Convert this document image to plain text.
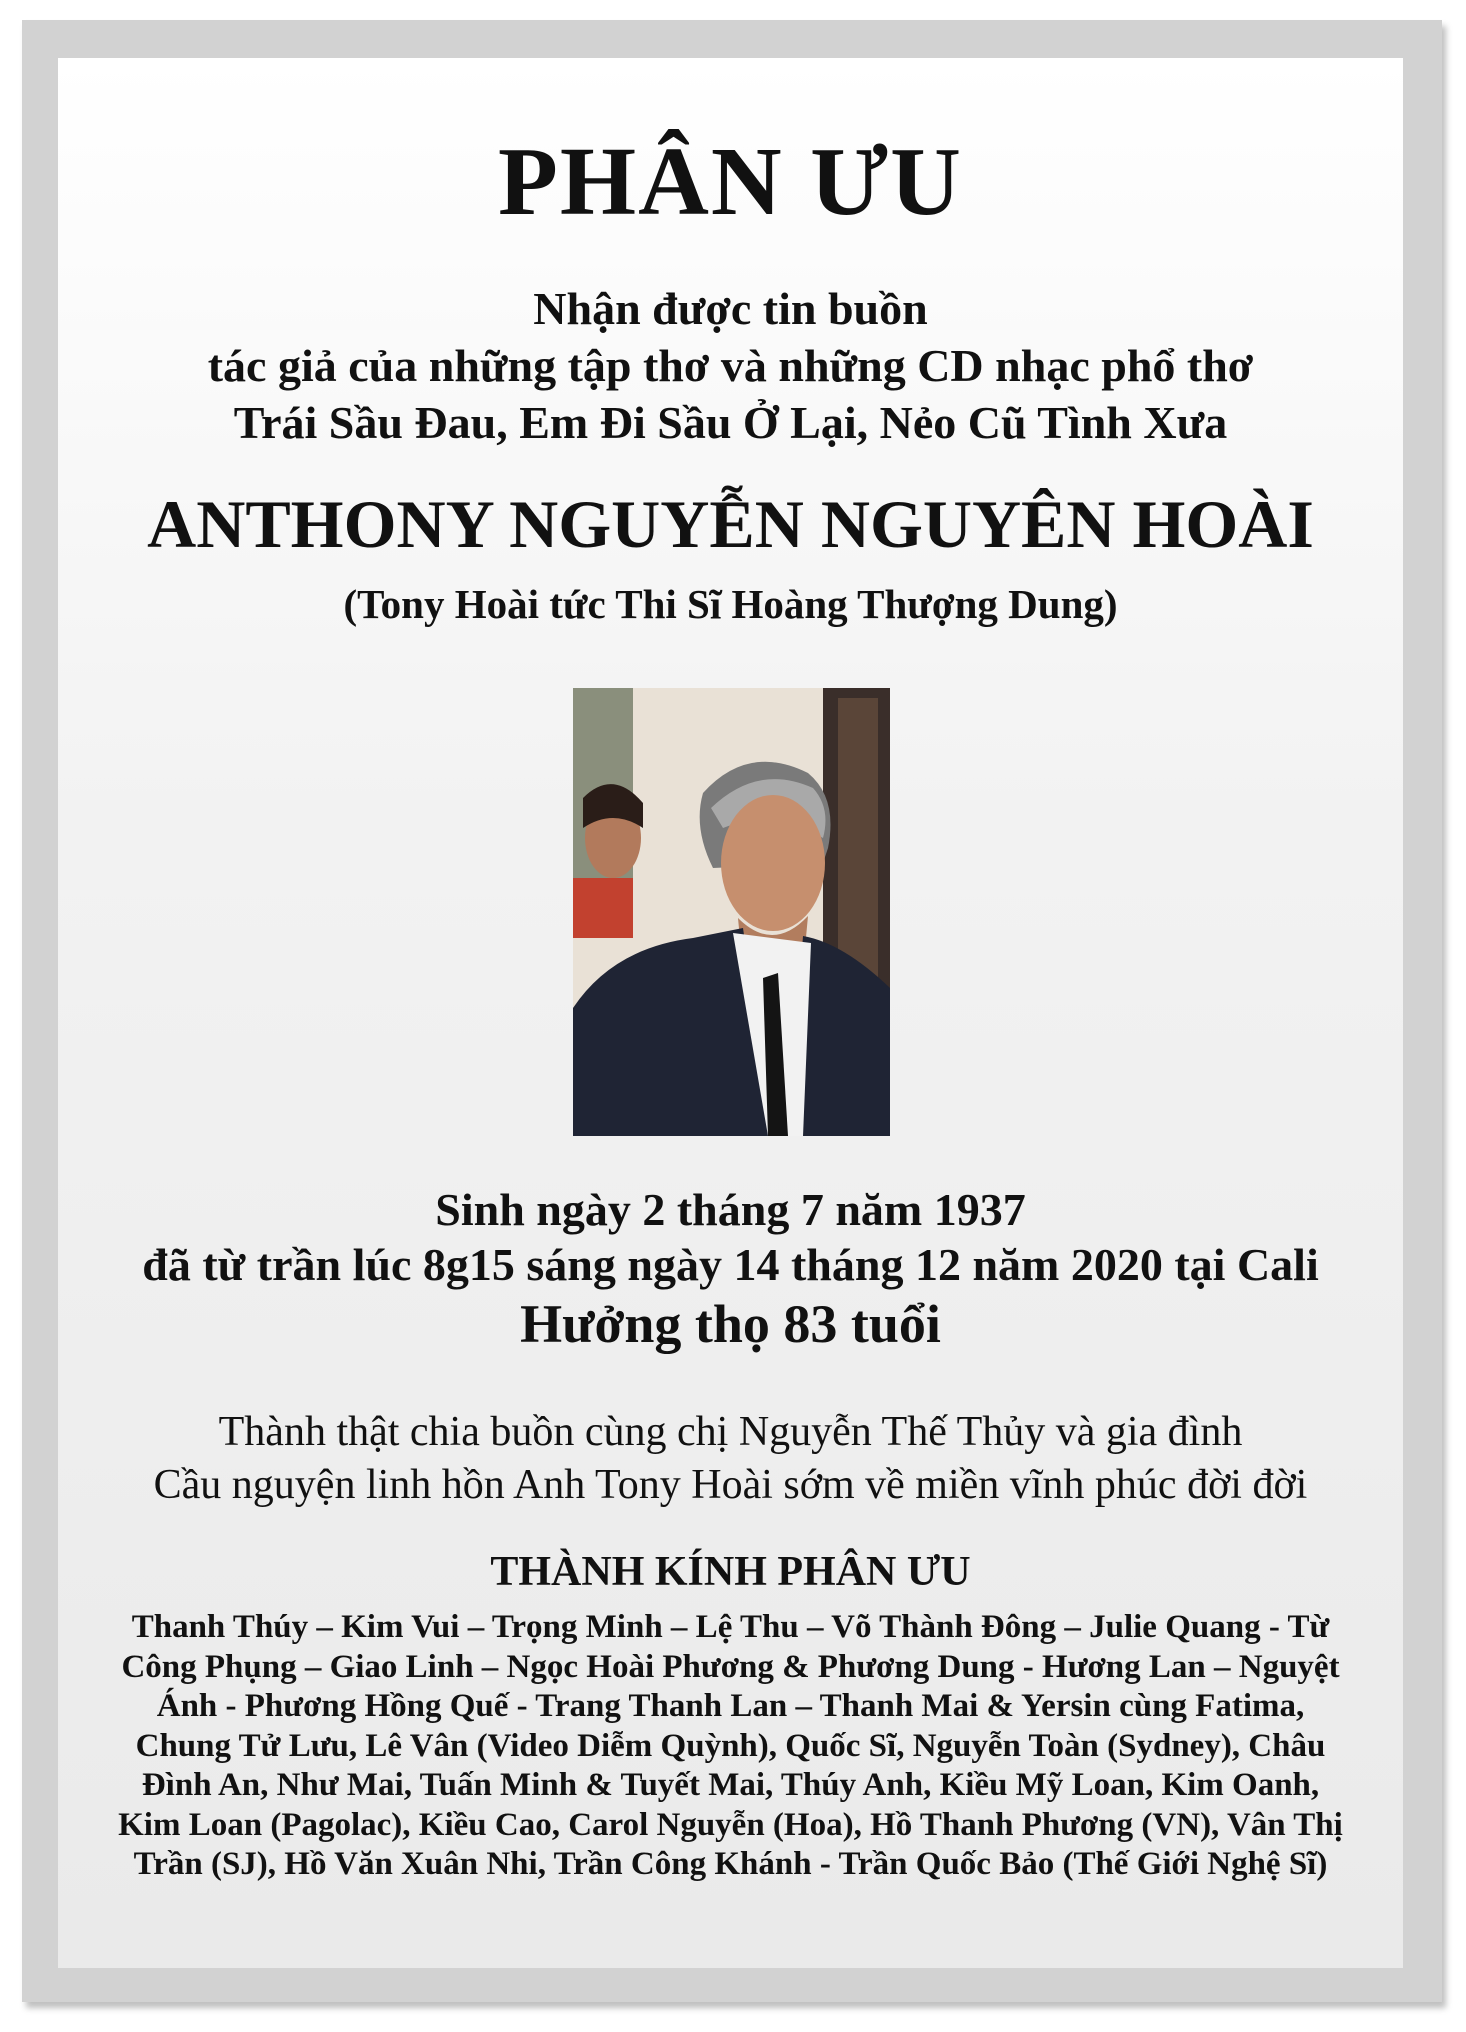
PHÂN ƯU
Nhận được tin buồn
tác giả của những tập thơ và những CD nhạc phổ thơ
Trái Sầu Đau, Em Đi Sầu Ở Lại, Nẻo Cũ Tình Xưa
ANTHONY NGUYỄN NGUYÊN HOÀI
(Tony Hoài tức Thi Sĩ Hoàng Thượng Dung)
Sinh ngày 2 tháng 7 năm 1937
đã từ trần lúc 8g15 sáng ngày 14 tháng 12 năm 2020 tại Cali
Hưởng thọ 83 tuổi
Thành thật chia buồn cùng chị Nguyễn Thế Thủy và gia đình
Cầu nguyện linh hồn Anh Tony Hoài sớm về miền vĩnh phúc đời đời
THÀNH KÍNH PHÂN ƯU
Thanh Thúy – Kim Vui – Trọng Minh – Lệ Thu – Võ Thành Đông – Julie Quang - Từ
Công Phụng – Giao Linh – Ngọc Hoài Phương & Phương Dung - Hương Lan – Nguyệt
Ánh - Phương Hồng Quế - Trang Thanh Lan – Thanh Mai & Yersin cùng Fatima,
Chung Tử Lưu, Lê Vân (Video Diễm Quỳnh), Quốc Sĩ, Nguyễn Toàn (Sydney), Châu
Đình An, Như Mai, Tuấn Minh & Tuyết Mai, Thúy Anh, Kiều Mỹ Loan, Kim Oanh,
Kim Loan (Pagolac), Kiều Cao, Carol Nguyễn (Hoa), Hồ Thanh Phương (VN), Vân Thị
Trần (SJ), Hồ Văn Xuân Nhi, Trần Công Khánh - Trần Quốc Bảo (Thế Giới Nghệ Sĩ)
